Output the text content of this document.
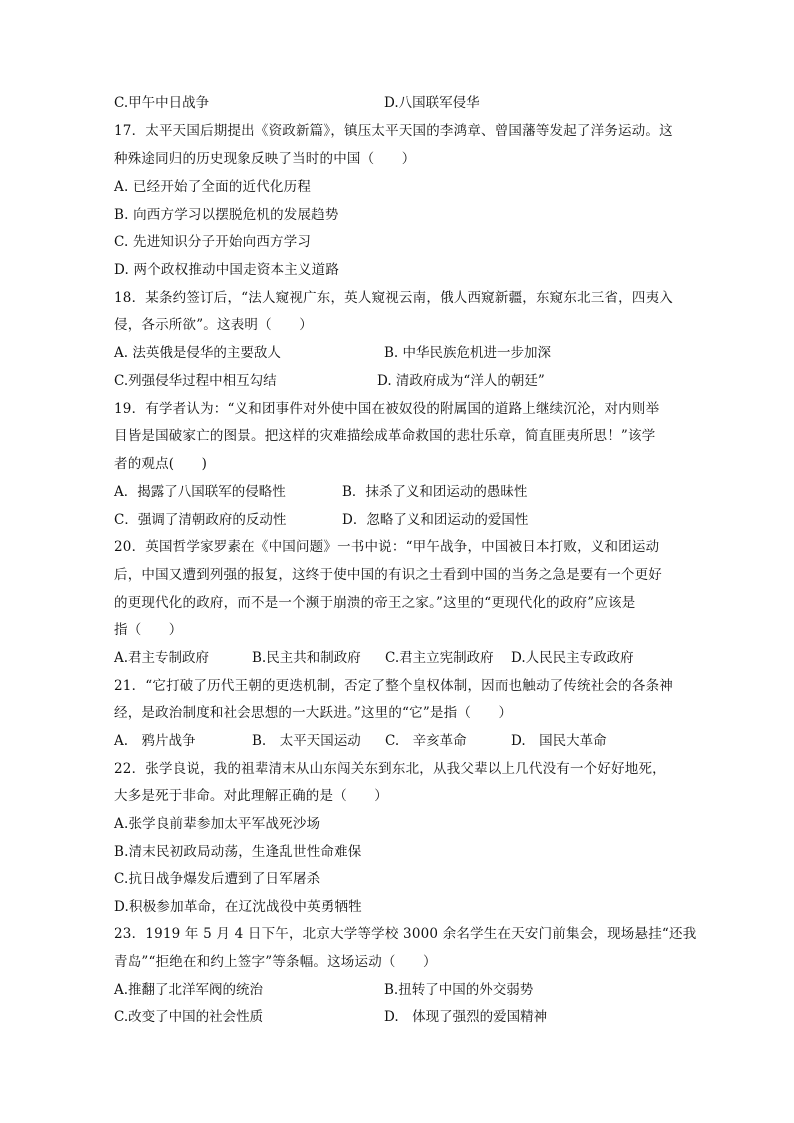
C.甲午中日战争	D.八国联军侵华
17．太平天国后期提出《资政新篇》，镇压太平天国的李鸿章、曾国藩等发起了洋务运动。这
种殊途同归的历史现象反映了当时的中国（　　）
A. 已经开始了全面的近代化历程
B. 向西方学习以摆脱危机的发展趋势
C. 先进知识分子开始向西方学习
D. 两个政权推动中国走资本主义道路
18．某条约签订后，“法人窥视广东，英人窥视云南，俄人西窥新疆，东窥东北三省，四夷入
侵，各示所欲”。这表明（　　）
A. 法英俄是侵华的主要敌人	B. 中华民族危机进一步加深
C.列强侵华过程中相互勾结	D. 清政府成为“洋人的朝廷”
19．有学者认为：“义和团事件对外使中国在被奴役的附属国的道路上继续沉沦，对内则举
目皆是国破家亡的图景。把这样的灾难描绘成革命救国的悲壮乐章，简直匪夷所思！”该学
者的观点(　　)
A．揭露了八国联军的侵略性	B．抹杀了义和团运动的愚昧性
C．强调了清朝政府的反动性	D．忽略了义和团运动的爱国性
20．英国哲学家罗素在《中国问题》一书中说：“甲午战争，中国被日本打败，义和团运动
后，中国又遭到列强的报复，这终于使中国的有识之士看到中国的当务之急是要有一个更好
的更现代化的政府，而不是一个濒于崩溃的帝王之家。”这里的“更现代化的政府”应该是
指（　　）
A.君主专制政府	B.民主共和制政府 C.君主立宪制政府 D.人民民主专政政府
21．“它打破了历代王朝的更迭机制，否定了整个皇权体制，因而也触动了传统社会的各条神
经，是政治制度和社会思想的一大跃进。”这里的“它”是指（　　）
A.　鸦片战争	B.　太平天国运动 C.　辛亥革命	D.　国民大革命
22．张学良说，我的祖辈清末从山东闯关东到东北，从我父辈以上几代没有一个好好地死，
大多是死于非命。对此理解正确的是（　　）
A.张学良前辈参加太平军战死沙场
B.清末民初政局动荡，生逢乱世性命难保
C.抗日战争爆发后遭到了日军屠杀
D.积极参加革命，在辽沈战役中英勇牺牲
23．1919 年 5 月 4 日下午，北京大学等学校 3000 余名学生在天安门前集会，现场悬挂“还我
青岛”“拒绝在和约上签字”等条幅。这场运动（　　）
A.推翻了北洋军阀的统治	B.扭转了中国的外交弱势
C.改变了中国的社会性质	D.　体现了强烈的爱国精神
